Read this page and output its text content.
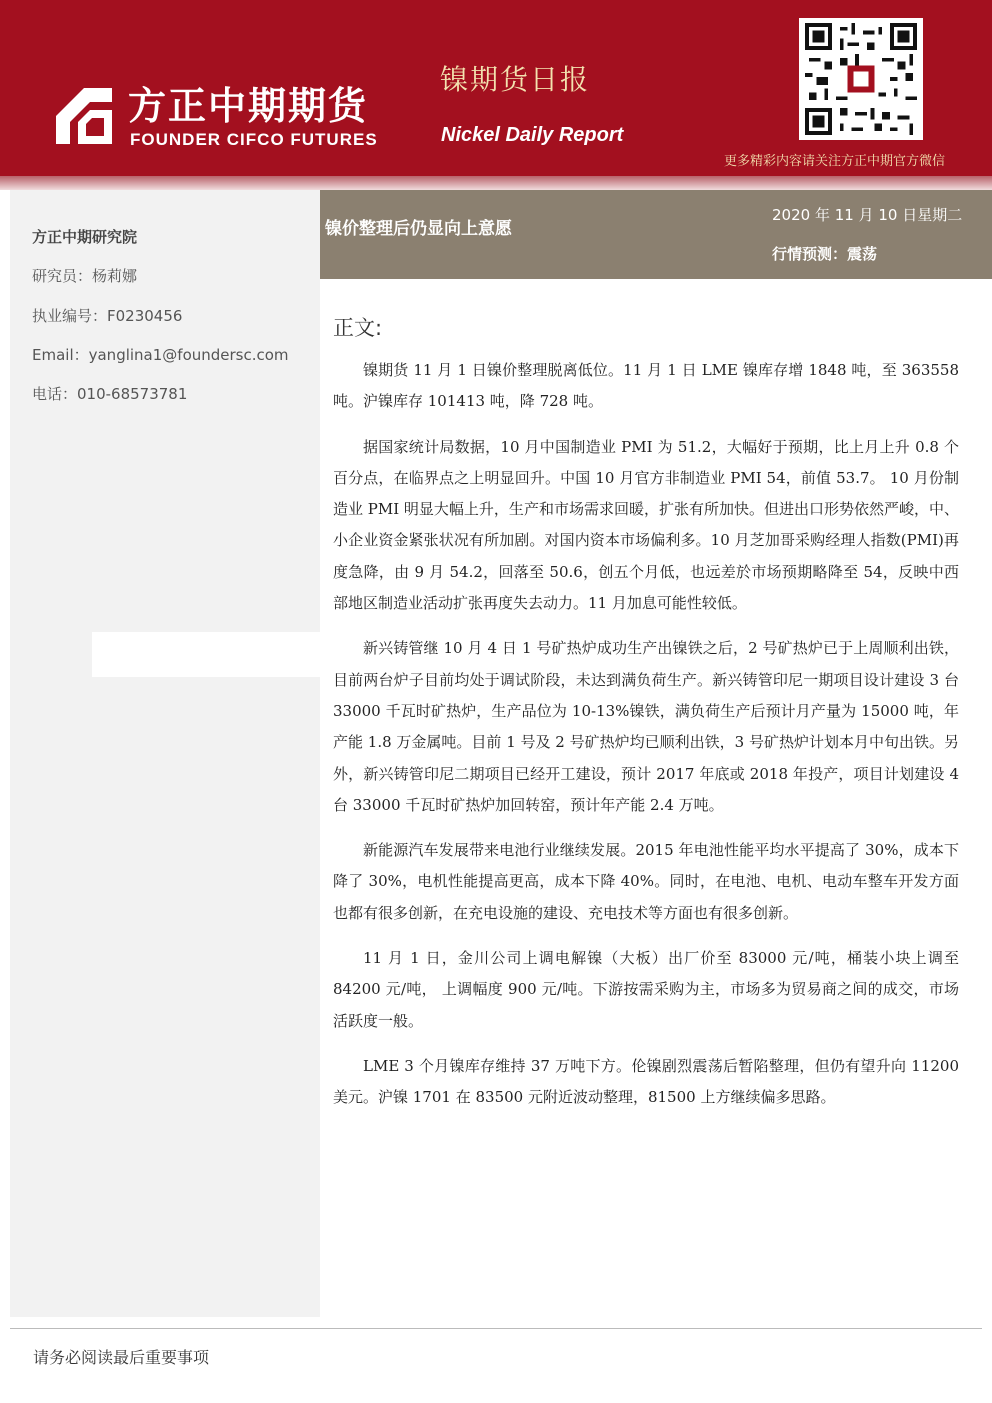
方正中期期货
FOUNDER CIFCO FUTURES
镍期货日报
Nickel Daily Report
更多精彩内容请关注方正中期官方微信
方正中期研究院
研究员：杨莉娜
执业编号：F0230456
Email：yanglina1@foundersc.com
电话：010-68573781
镍价整理后仍显向上意愿
2020 年 11 月 10 日星期二
行情预测：震荡
正文:

镍期货 11 月 1 日镍价整理脱离低位。11 月 1 日 LME 镍库存增 1848 吨，至 363558 吨。沪镍库存 101413 吨，降 728 吨。

据国家统计局数据，10 月中国制造业 PMI 为 51.2，大幅好于预期，比上月上升 0.8 个百分点，在临界点之上明显回升。中国 10 月官方非制造业 PMI 54，前值 53.7。 10 月份制造业 PMI 明显大幅上升，生产和市场需求回暖，扩张有所加快。但进出口形势依然严峻，中、小企业资金紧张状况有所加剧。对国内资本市场偏利多。10 月芝加哥采购经理人指数(PMI)再度急降，由 9 月 54.2，回落至 50.6，创五个月低，也远差於市场预期略降至 54，反映中西部地区制造业活动扩张再度失去动力。11 月加息可能性较低。

新兴铸管继 10 月 4 日 1 号矿热炉成功生产出镍铁之后，2 号矿热炉已于上周顺利出铁，目前两台炉子目前均处于调试阶段，未达到满负荷生产。新兴铸管印尼一期项目设计建设 3 台 33000 千瓦时矿热炉，生产品位为 10-13%镍铁，满负荷生产后预计月产量为 15000 吨，年产能 1.8 万金属吨。目前 1 号及 2 号矿热炉均已顺利出铁，3 号矿热炉计划本月中旬出铁。另外，新兴铸管印尼二期项目已经开工建设，预计 2017 年底或 2018 年投产，项目计划建设 4 台 33000 千瓦时矿热炉加回转窑，预计年产能 2.4 万吨。

新能源汽车发展带来电池行业继续发展。2015 年电池性能平均水平提高了 30%，成本下降了 30%，电机性能提高更高，成本下降 40%。同时，在电池、电机、电动车整车开发方面也都有很多创新，在充电设施的建设、充电技术等方面也有很多创新。

11 月 1 日，金川公司上调电解镍（大板）出厂价至 83000 元/吨，桶装小块上调至 84200 元/吨， 上调幅度 900 元/吨。下游按需采购为主，市场多为贸易商之间的成交，市场活跃度一般。

LME 3 个月镍库存维持 37 万吨下方。伦镍剧烈震荡后暂陷整理，但仍有望升向 11200 美元。沪镍 1701 在 83500 元附近波动整理，81500 上方继续偏多思路。

请务必阅读最后重要事项
